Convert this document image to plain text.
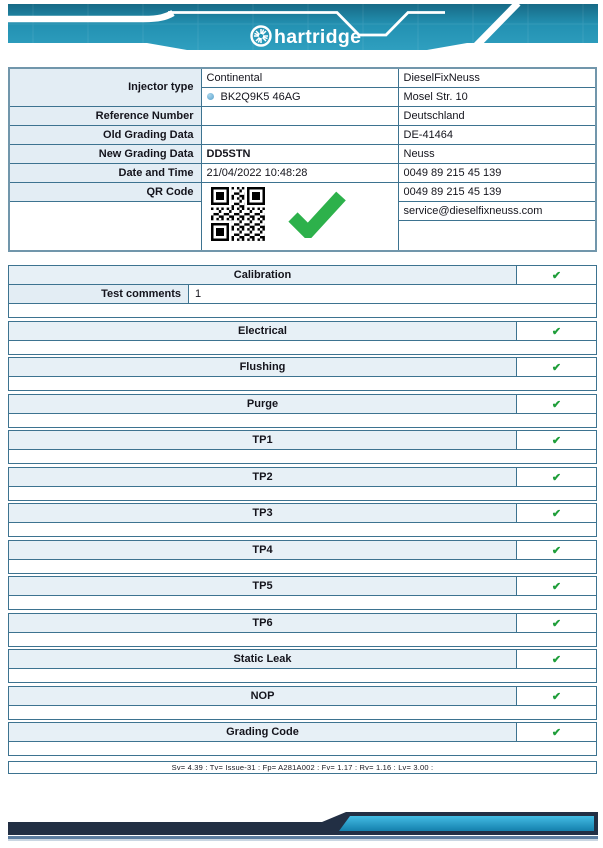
hartridge
Injector type	Continental	DieselFixNeuss
	BK2Q9K5 46AG	Mosel Str. 10
Reference Number		Deutschland
Old Grading Data		DE-41464
New Grading Data	DD5STN	Neuss
Date and Time	21/04/2022 10:48:28	0049 89 215 45 139
QR Code		0049 89 215 45 139
		service@dieselfixneuss.com

Calibration	✔
Test comments	1
Electrical	✔
Flushing	✔
Purge	✔
TP1	✔
TP2	✔
TP3	✔
TP4	✔
TP5	✔
TP6	✔
Static Leak	✔
NOP	✔
Grading Code	✔
Sv= 4.39 : Tv= Issue-31 : Fp= A281A002 : Fv= 1.17 : Rv= 1.16 : Lv= 3.00 :
